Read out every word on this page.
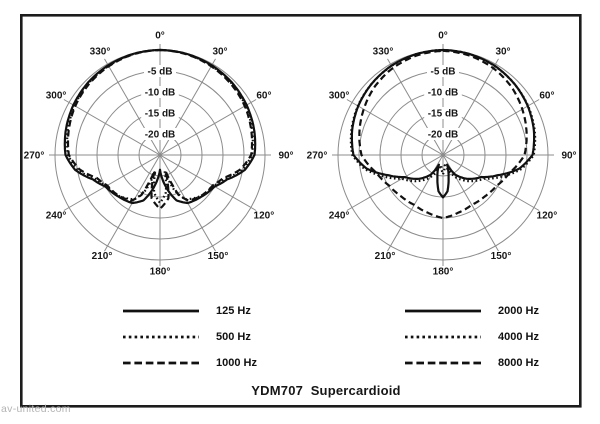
-5 dB
-10 dB
-15 dB
-20 dB
0°
30°
60°
90°
120°
150°
180°
210°
240°
270°
300°
330°
-5 dB
-10 dB
-15 dB
-20 dB
0°
30°
60°
90°
120°
150°
180°
210°
240°
270°
300°
330°
125 Hz
500 Hz
1000 Hz
2000 Hz
4000 Hz
8000 Hz
YDM707  Supercardioid
av-united.com
